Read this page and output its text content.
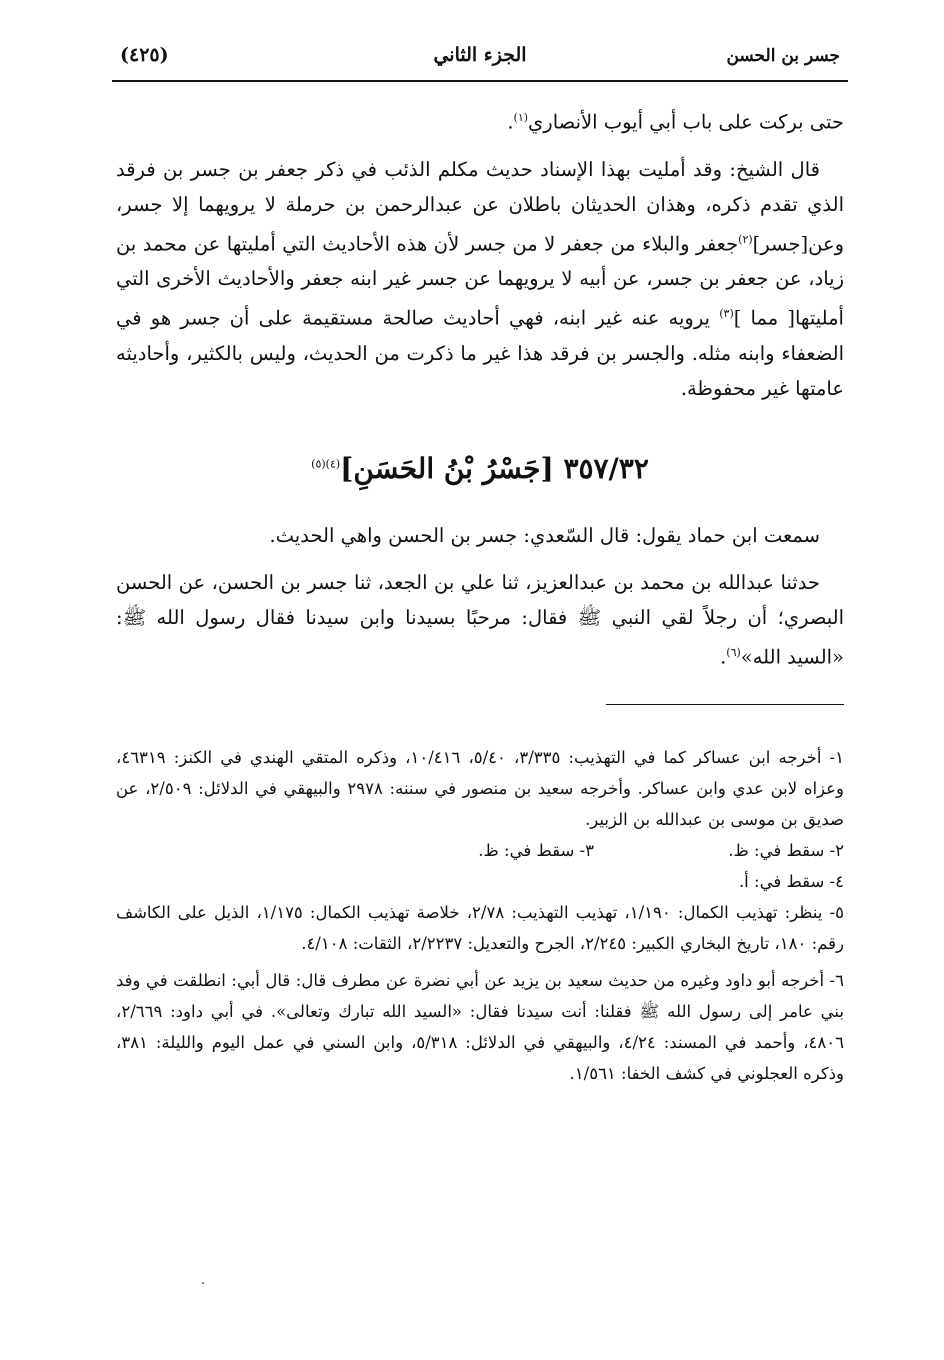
جسر بن الحسن
الجزء الثاني
(٤٢٥)

حتى بركت على باب أبي أيوب الأنصاري$^{(١)}$.

قال الشيخ: وقد أمليت بهذا الإسناد حديث مكلم الذئب في ذكر جعفر بن جسر بن فرقد الذي تقدم ذكره، وهذان الحديثان باطلان عن عبدالرحمن بن حرملة لا يرويهما إلا جسر، وعن[جسر]$^{(٢)}$جعفر والبلاء من جعفر لا من جسر لأن هذه الأحاديث التي أمليتها عن محمد بن زياد، عن جعفر بن جسر، عن أبيه لا يرويهما عن جسر غير ابنه جعفر والأحاديث الأخرى التي أمليتها[ مما ]$^{(٣)}$ يرويه عنه غير ابنه، فهي أحاديث صالحة مستقيمة على أن جسر هو في الضعفاء وابنه مثله. والجسر بن فرقد هذا غير ما ذكرت من الحديث، وليس بالكثير، وأحاديثه عامتها غير محفوظة.

٣٥٧/٣٢ [جَسْرُ بْنُ الحَسَنِ]$^{(٤)(٥)}$

سمعت ابن حماد يقول: قال السّعدي: جسر بن الحسن واهي الحديث.

حدثنا عبدالله بن محمد بن عبدالعزيز، ثنا علي بن الجعد، ثنا جسر بن الحسن، عن الحسن البصري؛ أن رجلاً لقي النبي ﷺ فقال: مرحبًا بسيدنا وابن سيدنا فقال رسول الله ﷺ: «السيد الله»$^{(٦)}$.

١- أخرجه ابن عساكر كما في التهذيب: ٣/٣٣٥، ٥/٤٠، ١٠/٤١٦، وذكره المتقي الهندي في الكنز: ٤٦٣١٩، وعزاه لابن عدي وابن عساكر. وأخرجه سعيد بن منصور في سننه: ٢٩٧٨ والبيهقي في الدلائل: ٢/٥٠٩، عن صديق بن موسى بن عبدالله بن الزبير.

٢- سقط في: ظ.
٣- سقط في: ظ.

٤- سقط في: أ.

٥- ينظر: تهذيب الكمال: ١/١٩٠، تهذيب التهذيب: ٢/٧٨، خلاصة تهذيب الكمال: ١/١٧٥، الذيل على الكاشف رقم: ١٨٠، تاريخ البخاري الكبير: ٢/٢٤٥، الجرح والتعديل: ٢/٢٢٣٧، الثقات: ٤/١٠٨.

٦- أخرجه أبو داود وغيره من حديث سعيد بن يزيد عن أبي نضرة عن مطرف قال: قال أبي: انطلقت في وفد بني عامر إلى رسول الله ﷺ فقلنا: أنت سيدنا فقال: «السيد الله تبارك وتعالى». في أبي داود: ٢/٦٦٩، ٤٨٠٦، وأحمد في المسند: ٤/٢٤، والبيهقي في الدلائل: ٥/٣١٨، وابن السني في عمل اليوم والليلة: ٣٨١، وذكره العجلوني في كشف الخفا: ١/٥٦١.
